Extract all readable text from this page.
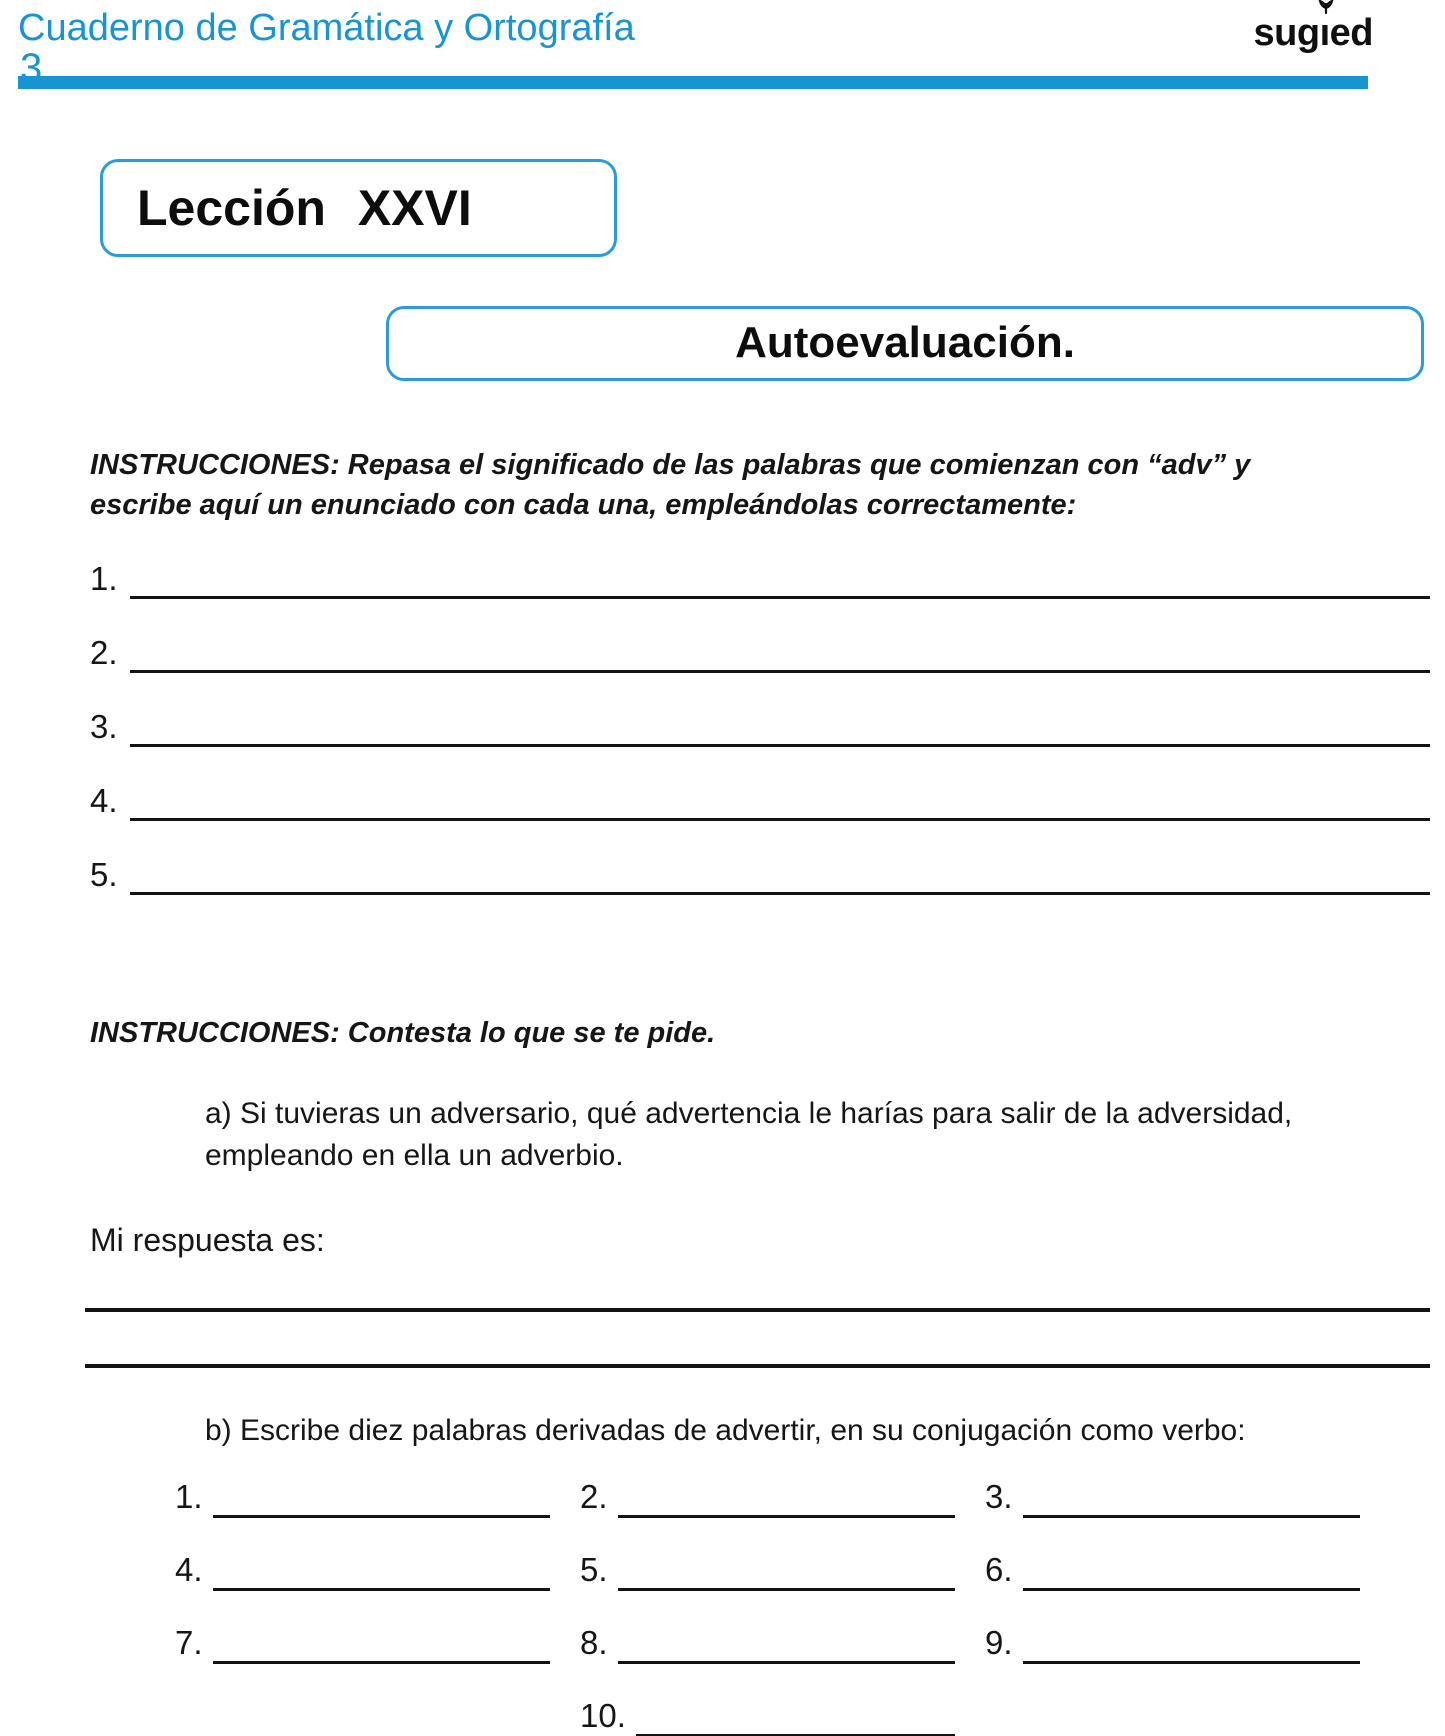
Cuaderno de Gramática y Ortografía	sugı
ed
3
Lección XXVI
Autoevaluación.

INSTRUCCIONES: Repasa el significado de las palabras que comienzan con “adv” y escribe aquí un enunciado con cada una, empleándolas correctamente:

1.
2.
3.
4.
5.

INSTRUCCIONES: Contesta lo que se te pide.

a) Si tuvieras un adversario, qué advertencia le harías para salir de la adversidad, empleando en ella un adverbio.

Mi respuesta es:

b) Escribe diez palabras derivadas de advertir, en su conjugación como verbo:

1.	2.	3.
4.	5.	6.
7.	8.	9.
10.
